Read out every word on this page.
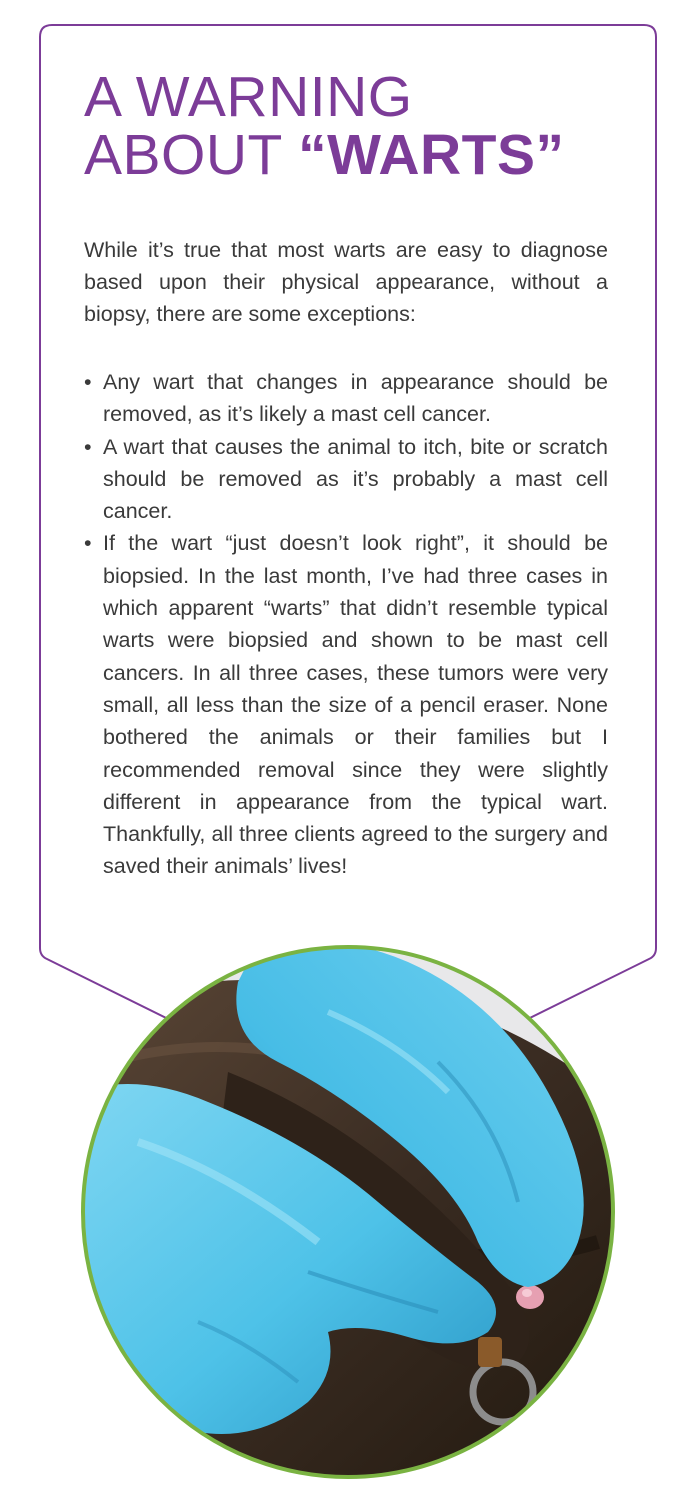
A WARNING
ABOUT “WARTS”

While it’s true that most warts are easy to diagnose based upon their physical appearance, without a biopsy, there are some exceptions:

• Any wart that changes in appearance should be removed, as it’s likely a mast cell cancer.
• A wart that causes the animal to itch, bite or scratch should be removed as it’s probably a mast cell cancer.
• If the wart “just doesn’t look right”, it should be biopsied. In the last month, I’ve had three cases in which apparent “warts” that didn’t resemble typical warts were biopsied and shown to be mast cell cancers. In all three cases, these tumors were very small, all less than the size of a pencil eraser. None bothered the animals or their families but I recommended removal since they were slightly different in appearance from the typical wart. Thankfully, all three clients agreed to the surgery and saved their animals’ lives!
